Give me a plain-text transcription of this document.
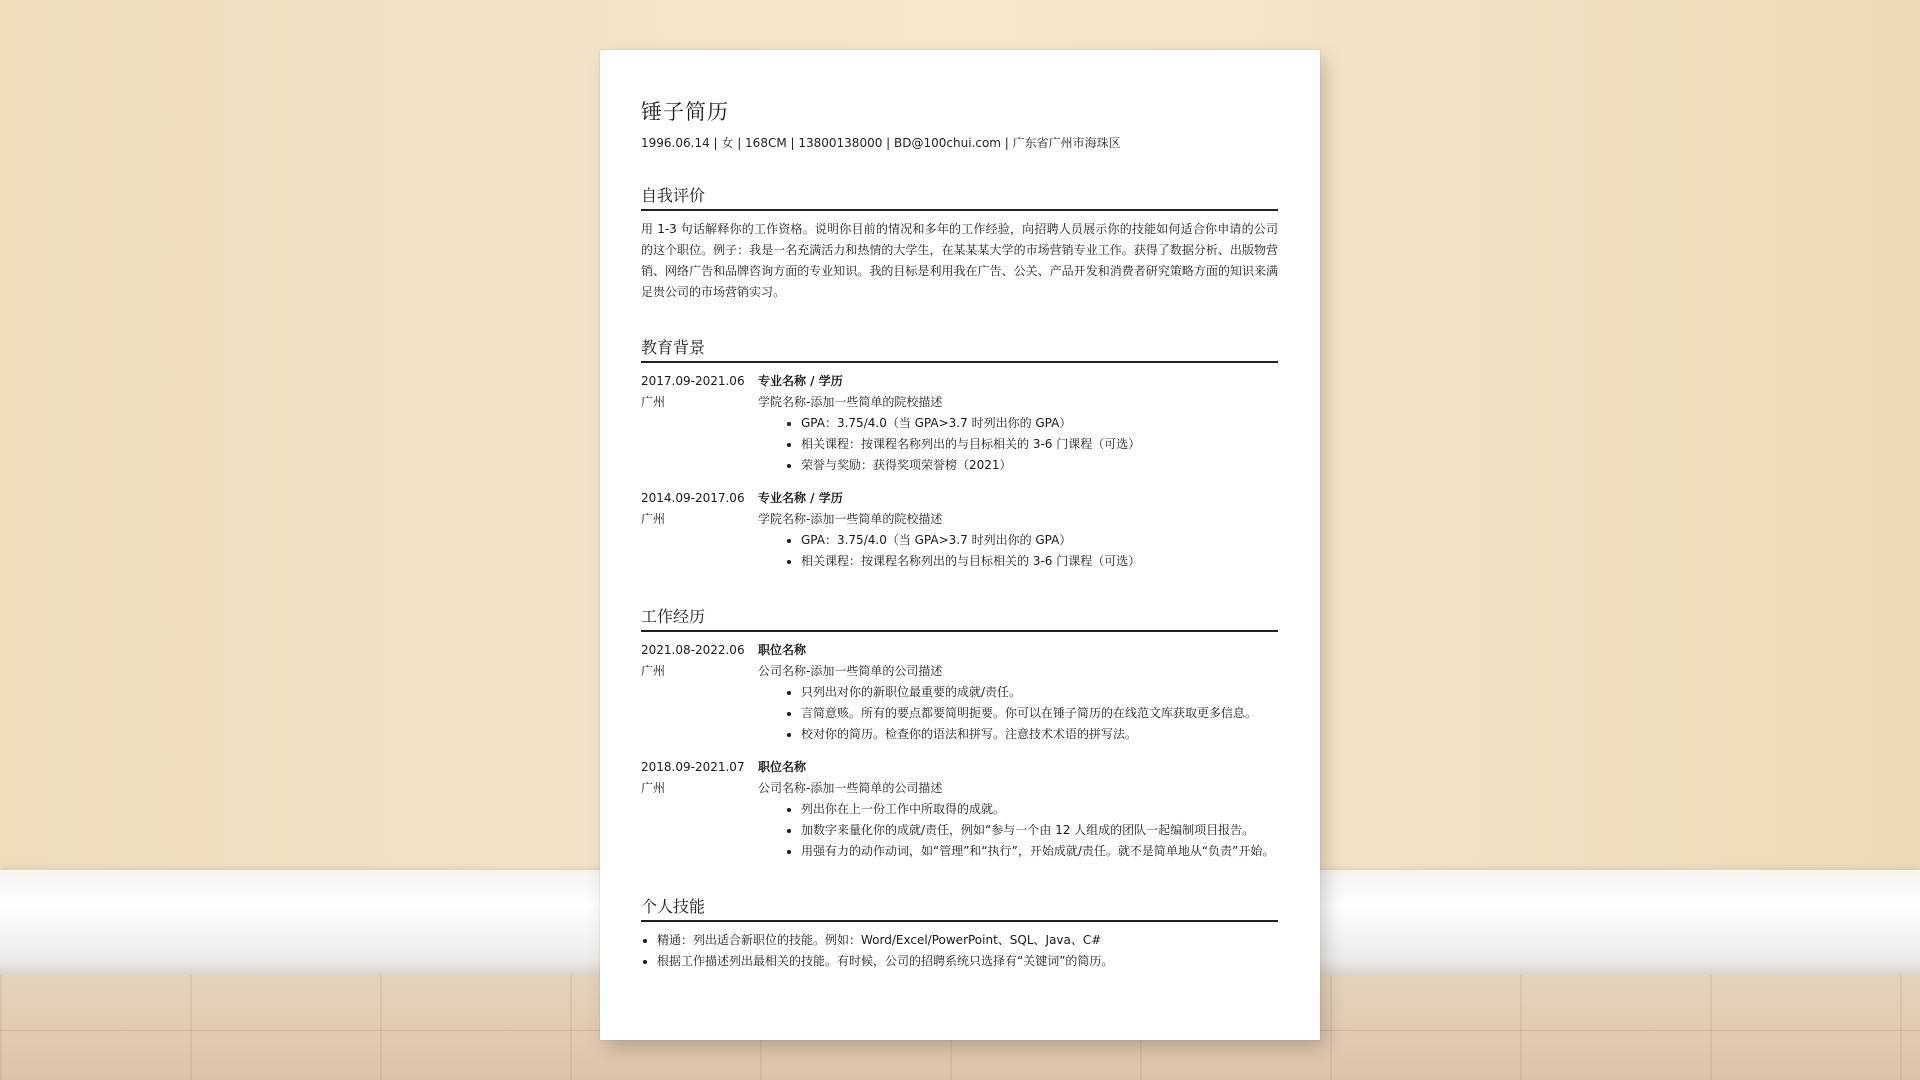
锤子简历
1996.06.14 | 女 | 168CM | 13800138000 | BD@100chui.com | 广东省广州市海珠区
自我评价

用 1-3 句话解释你的工作资格。说明你目前的情况和多年的工作经验，向招聘人员展示你的技能如何适合你申请的公司的这个职位。例子：我是一名充满活力和热情的大学生，在某某某大学的市场营销专业工作。获得了数据分析、出版物营销、网络广告和品牌咨询方面的专业知识。我的目标是利用我在广告、公关、产品开发和消费者研究策略方面的知识来满足贵公司的市场营销实习。

教育背景
2017.09-2021.06
广州
专业名称 / 学历
学院名称-添加一些简单的院校描述
• GPA：3.75/4.0（当 GPA>3.7 时列出你的 GPA）
• 相关课程：按课程名称列出的与目标相关的 3-6 门课程（可选）
• 荣誉与奖励：获得奖项荣誉榜（2021）
2014.09-2017.06
广州
专业名称 / 学历
学院名称-添加一些简单的院校描述
• GPA：3.75/4.0（当 GPA>3.7 时列出你的 GPA）
• 相关课程：按课程名称列出的与目标相关的 3-6 门课程（可选）
工作经历
2021.08-2022.06
广州
职位名称
公司名称-添加一些简单的公司描述
• 只列出对你的新职位最重要的成就/责任。
• 言简意赅。所有的要点都要简明扼要。你可以在锤子简历的在线范文库获取更多信息。
• 校对你的简历。检查你的语法和拼写。注意技术术语的拼写法。
2018.09-2021.07
广州
职位名称
公司名称-添加一些简单的公司描述
• 列出你在上一份工作中所取得的成就。
• 加数字来量化你的成就/责任，例如“参与一个由 12 人组成的团队一起编制项目报告。
• 用强有力的动作动词，如“管理”和“执行”，开始成就/责任。就不是简单地从“负责”开始。
个人技能
• 精通：列出适合新职位的技能。例如：Word/Excel/PowerPoint、SQL、Java、C#
• 根据工作描述列出最相关的技能。有时候，公司的招聘系统只选择有“关键词”的简历。
